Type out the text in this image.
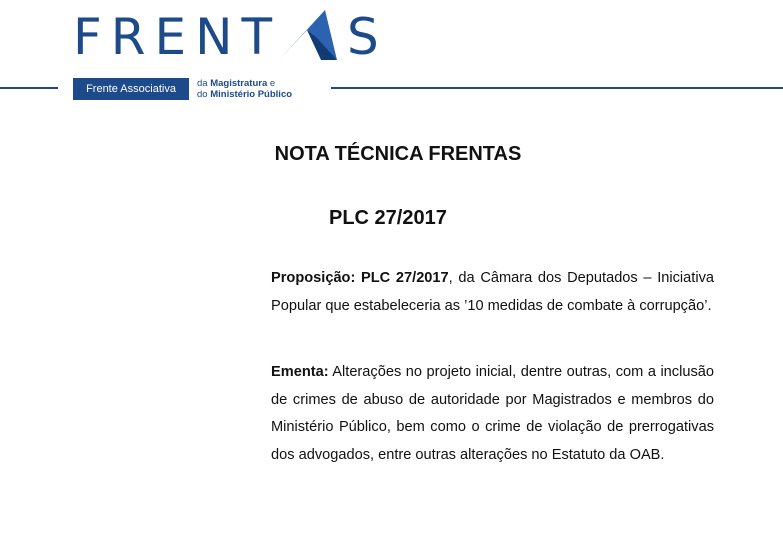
FRENT S
Frente Associativa	da Magistratura e
do Ministério Público
NOTA TÉCNICA FRENTAS
PLC 27/2017
Proposição: PLC 27/2017, da Câmara dos Deputados – Iniciativa Popular que estabeleceria as ’10 medidas de combate à corrupção’.
Ementa: Alterações no projeto inicial, dentre outras, com a inclusão de crimes de abuso de autoridade por Magistrados e membros do Ministério Público, bem como o crime de violação de prerrogativas dos advogados, entre outras alterações no Estatuto da OAB.
